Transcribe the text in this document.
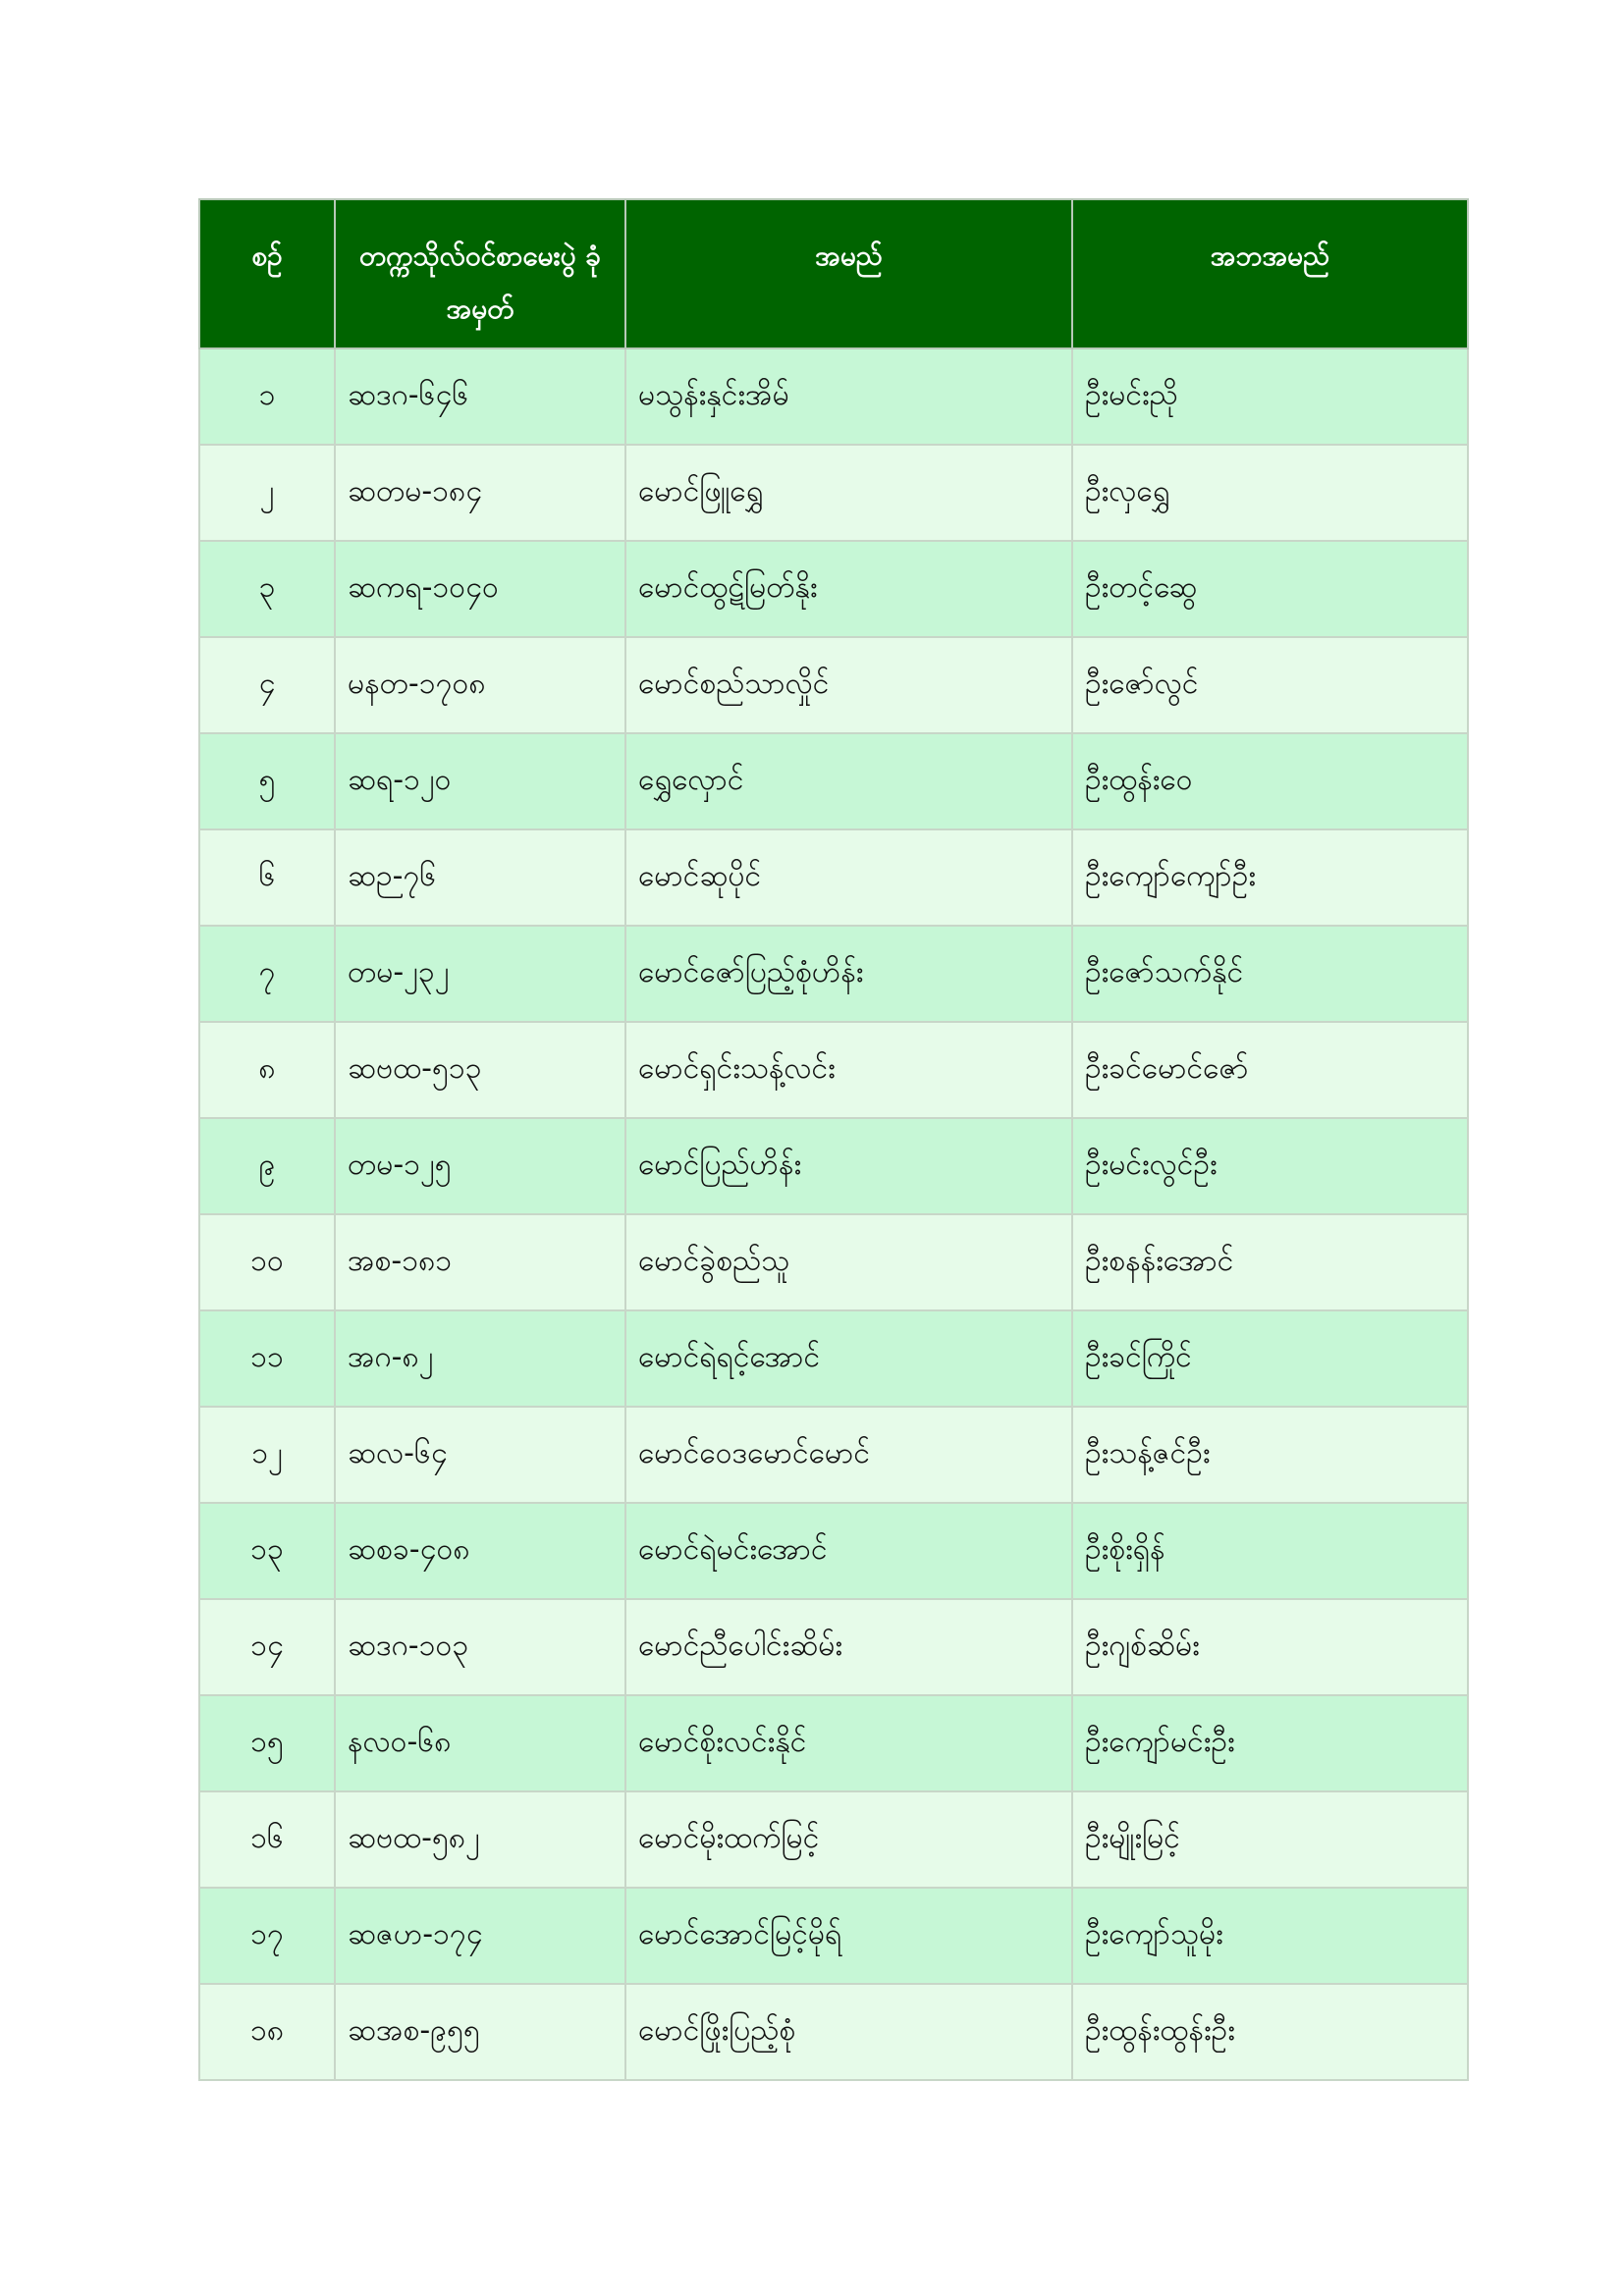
စဉ်	တက္ကသိုလ်ဝင်စာမေးပွဲ ခုံအမှတ်	အမည်	အဘအမည်
၁	ဆဒဂ-၆၄၆	မသွန်းနှင်းအိမ်	ဦးမင်းညို
၂	ဆတမ-၁၈၄	မောင်ဖြူရွှေ	ဦးလှရွှေ
၃	ဆကရ-၁၀၄၀	မောင်ထွဋ်မြတ်နိုး	ဦးတင့်ဆွေ
၄	မနတ-၁၇၀၈	မောင်စည်သာလှိုင်	ဦးဇော်လွင်
၅	ဆရ-၁၂၀	ရွှေလှောင်	ဦးထွန်းဝေ
၆	ဆဉ-၇၆	မောင်ဆုပိုင်	ဦးကျော်ကျော်ဦး
၇	တမ-၂၃၂	မောင်ဇော်ပြည့်စုံဟိန်း	ဦးဇော်သက်နိုင်
၈	ဆဗထ-၅၁၃	မောင်ရှင်းသန့်လင်း	ဦးခင်မောင်ဇော်
၉	တမ-၁၂၅	မောင်ပြည်ဟိန်း	ဦးမင်းလွင်ဦး
၁၀	အစ-၁၈၁	မောင်ခွဲစည်သူ	ဦးစနန်းအောင်
၁၁	အဂ-၈၂	မောင်ရဲရင့်အောင်	ဦးခင်ကြိုင်
၁၂	ဆလ-၆၄	မောင်ဝေဒမောင်မောင်	ဦးသန့်ဇင်ဦး
၁၃	ဆစခ-၄၀၈	မောင်ရဲမင်းအောင်	ဦးစိုးရှိန်
၁၄	ဆဒဂ-၁၀၃	မောင်ညီပေါင်းဆိမ်း	ဦးဂျစ်ဆိမ်း
၁၅	နလ၀-၆၈	မောင်စိုးလင်းနိုင်	ဦးကျော်မင်းဦး
၁၆	ဆဗထ-၅၈၂	မောင်မိုးထက်မြင့်	ဦးမျိုးမြင့်
၁၇	ဆဇဟ-၁၇၄	မောင်အောင်မြင့်မိုရ်	ဦးကျော်သူမိုး
၁၈	ဆအစ-၉၅၅	မောင်ဖြိုးပြည့်စုံ	ဦးထွန်းထွန်းဦး
